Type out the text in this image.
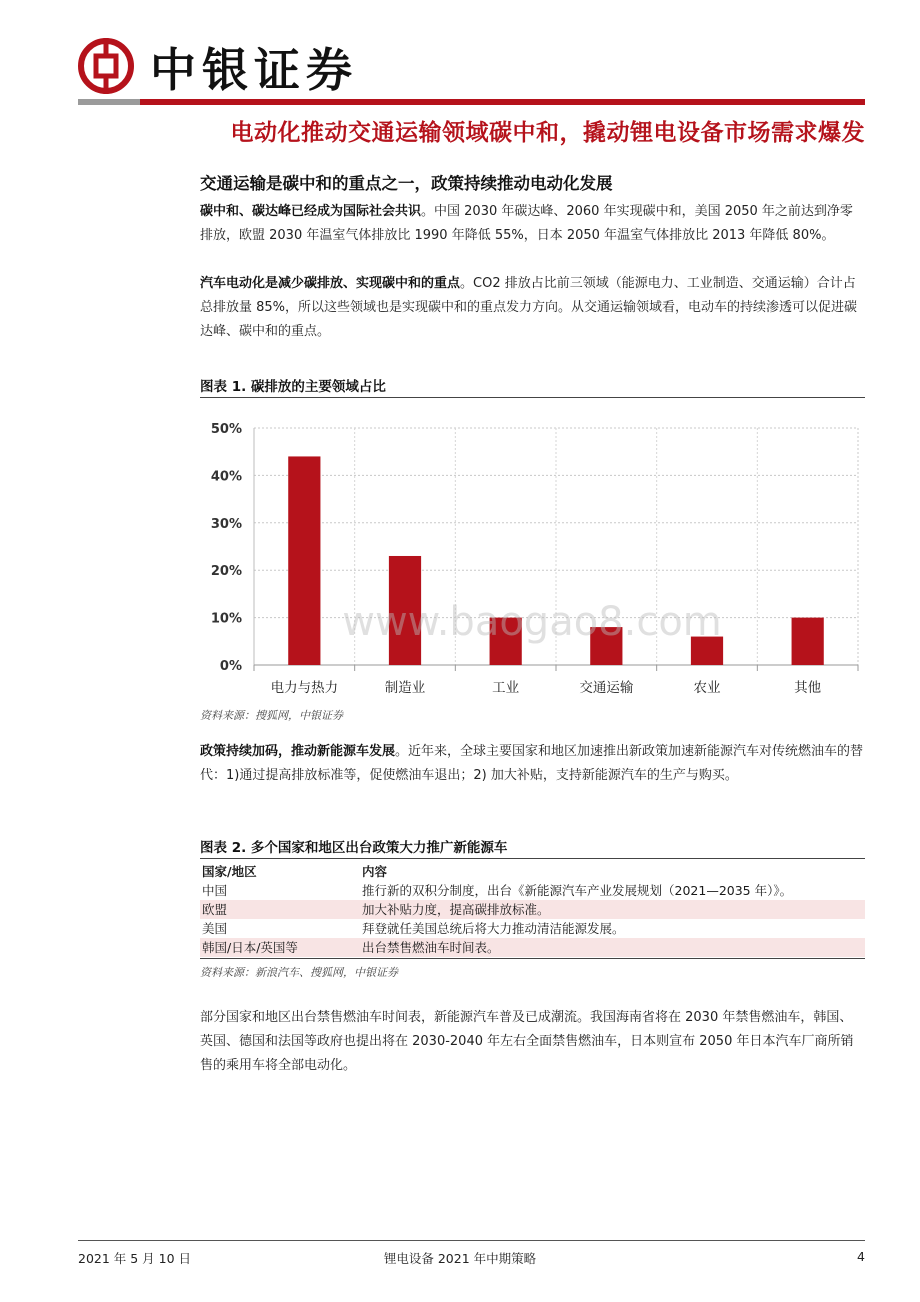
中银证券
电动化推动交通运输领域碳中和，撬动锂电设备市场需求爆发
交通运输是碳中和的重点之一，政策持续推动电动化发展

碳中和、碳达峰已经成为国际社会共识。中国 2030 年碳达峰、2060 年实现碳中和，美国 2050 年之前达到净零排放，欧盟 2030 年温室气体排放比 1990 年降低 55%，日本 2050 年温室气体排放比 2013 年降低 80%。

汽车电动化是减少碳排放、实现碳中和的重点。CO2 排放占比前三领域（能源电力、工业制造、交通运输）合计占总排放量 85%，所以这些领域也是实现碳中和的重点发力方向。从交通运输领域看，电动车的持续渗透可以促进碳达峰、碳中和的重点。

图表 1. 碳排放的主要领域占比
0%
10%
20%
30%
40%
50%
电力与热力	制造业	工业	交通运输	农业	其他
www.baogao8.com
资料来源：搜狐网，中银证券

政策持续加码，推动新能源车发展。近年来，全球主要国家和地区加速推出新政策加速新能源汽车对传统燃油车的替代：1)通过提高排放标准等，促使燃油车退出；2) 加大补贴，支持新能源汽车的生产与购买。

图表 2. 多个国家和地区出台政策大力推广新能源车
国家/地区	内容
中国	推行新的双积分制度，出台《新能源汽车产业发展规划（2021—2035 年）》。
欧盟	加大补贴力度，提高碳排放标准。
美国	拜登就任美国总统后将大力推动清洁能源发展。
韩国/日本/英国等	出台禁售燃油车时间表。
资料来源：新浪汽车、搜狐网，中银证券

部分国家和地区出台禁售燃油车时间表，新能源汽车普及已成潮流。我国海南省将在 2030 年禁售燃油车，韩国、英国、德国和法国等政府也提出将在 2030-2040 年左右全面禁售燃油车，日本则宣布 2050 年日本汽车厂商所销售的乘用车将全部电动化。

2021 年 5 月 10 日	锂电设备 2021 年中期策略	4
